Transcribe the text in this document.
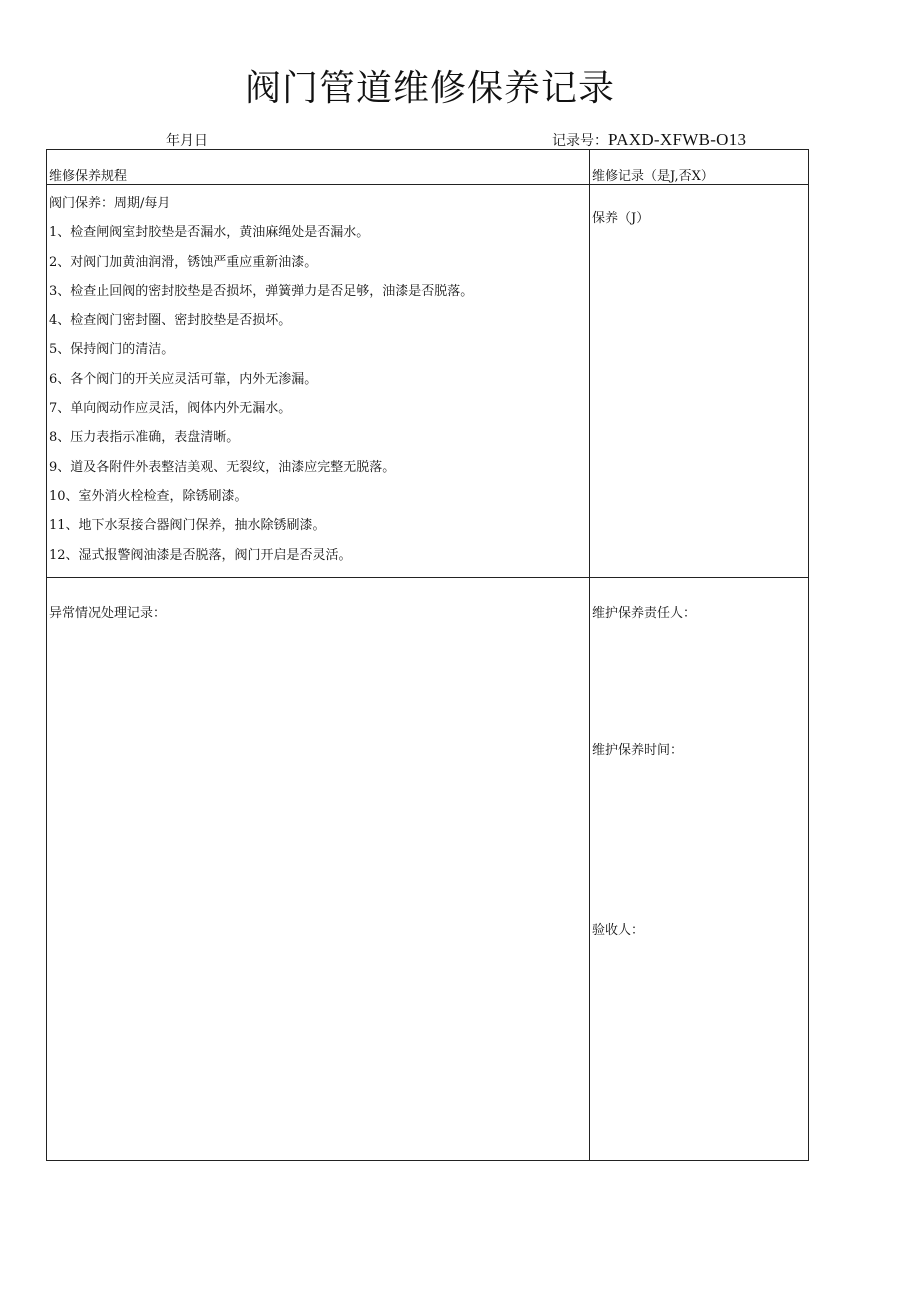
阀门管道维修保养记录
年月日	记录号：PAXD-XFWB-O13
维修保养规程	维修记录（是J,否X）
阀门保养：周期/每月
1、检查闸阀室封胶垫是否漏水，黄油麻绳处是否漏水。
2、对阀门加黄油润滑，锈蚀严重应重新油漆。
3、检查止回阀的密封胶垫是否损坏，弹簧弹力是否足够，油漆是否脱落。
4、检查阀门密封圈、密封胶垫是否损坏。
5、保持阀门的清洁。
6、各个阀门的开关应灵活可靠，内外无渗漏。
7、单向阀动作应灵活，阀体内外无漏水。
8、压力表指示准确，表盘清晰。
9、道及各附件外表整洁美观、无裂纹，油漆应完整无脱落。
10、室外消火栓检查，除锈刷漆。
11、地下水泵接合器阀门保养，抽水除锈刷漆。
12、湿式报警阀油漆是否脱落，阀门开启是否灵活。
保养（J）
异常情况处理记录：	维护保养责任人：
维护保养时间：
验收人：
